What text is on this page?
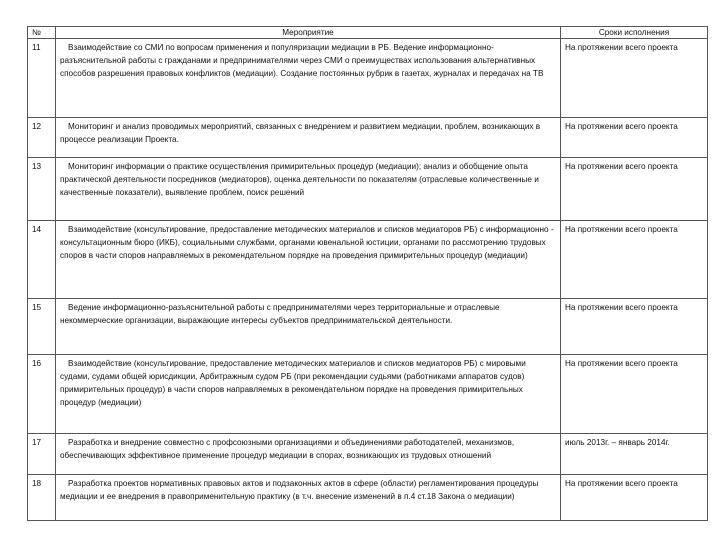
№	Мероприятие	Сроки исполнения
11	Взаимодействие со СМИ по вопросам применения и популяризации медиации в РБ. Ведение информационно-разъяснительной работы с гражданами и предпринимателями через СМИ о преимуществах использования альтернативных способов разрешения правовых конфликтов (медиации). Создание постоянных рубрик в газетах, журналах и передачах на ТВ	На протяжении всего проекта
12	Мониторинг и анализ проводимых мероприятий, связанных с внедрением и развитием медиации, проблем, возникающих в процессе реализации Проекта.	На протяжении всего проекта
13	Мониторинг информации о практике осуществления примирительных процедур (медиации); анализ и обобщение опыта практической деятельности посредников (медиаторов), оценка деятельности по показателям (отраслевые количественные и качественные показатели), выявление проблем, поиск решений	На протяжении всего проекта
14	Взаимодействие (консультирование, предоставление методических материалов и списков медиаторов РБ) с информационно - консультационным бюро (ИКБ), социальными службами, органами ювенальной юстиции, органами по рассмотрению трудовых споров в части споров направляемых в рекомендательном порядке на проведения примирительных процедур (медиации)	На протяжении всего проекта
15	Ведение информационно-разъяснительной работы с предпринимателями через территориальные и отраслевые некоммерческие организации, выражающие интересы субъектов предпринимательской деятельности.	На протяжении всего проекта
16	Взаимодействие (консультирование, предоставление методических материалов и списков медиаторов РБ) с мировыми судами, судами общей юрисдикции, Арбитражным судом РБ (при рекомендации судьями (работниками аппаратов судов) примирительных процедур) в части споров направляемых в рекомендательном порядке на проведения примирительных процедур (медиации)	На протяжении всего проекта
17	Разработка и внедрение совместно с профсоюзными организациями и объединениями работодателей, механизмов, обеспечивающих эффективное применение процедур медиации в спорах, возникающих из трудовых отношений	июль 2013г. – январь 2014г.
18	Разработка проектов нормативных правовых актов и подзаконных актов в сфере (области) регламентирования процедуры медиации и ее внедрения в правоприменительную практику (в т.ч. внесение изменений в п.4 ст.18 Закона о медиации)	На протяжении всего проекта
